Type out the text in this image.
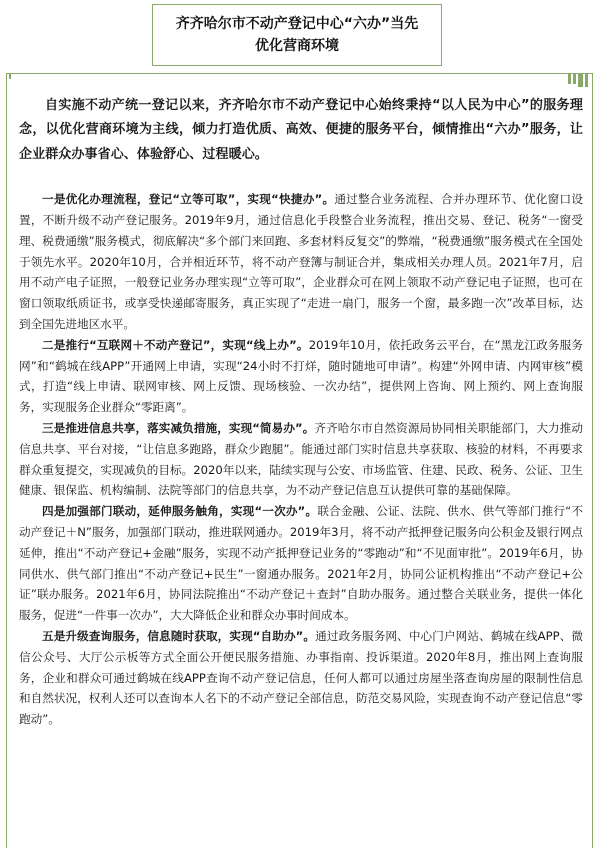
齐齐哈尔市不动产登记中心“六办”当先
优化营商环境

自实施不动产统一登记以来，齐齐哈尔市不动产登记中心始终秉持“以人民为中心”的服务理念，以优化营商环境为主线，倾力打造优质、高效、便捷的服务平台，倾情推出“六办”服务，让企业群众办事省心、体验舒心、过程暖心。

一是优化办理流程，登记“立等可取”，实现“快捷办”。通过整合业务流程、合并办理环节、优化窗口设置，不断升级不动产登记服务。2019年9月，通过信息化手段整合业务流程，推出交易、登记、税务“一窗受理、税费通缴”服务模式，彻底解决“多个部门来回跑、多套材料反复交”的弊端，“税费通缴”服务模式在全国处于领先水平。2020年10月，合并相近环节，将不动产登簿与制证合并，集成相关办理人员。2021年7月，启用不动产电子证照，一般登记业务办理实现“立等可取”，企业群众可在网上领取不动产登记电子证照，也可在窗口领取纸质证书，或享受快递邮寄服务，真正实现了“走进一扇门，服务一个窗，最多跑一次”改革目标，达到全国先进地区水平。

二是推行“互联网＋不动产登记”，实现“线上办”。2019年10月，依托政务云平台，在“黑龙江政务服务网”和“鹤城在线APP”开通网上申请，实现“24小时不打烊，随时随地可申请”。构建“外网申请、内网审核”模式，打造“线上申请、联网审核、网上反馈、现场核验、一次办结”，提供网上咨询、网上预约、网上查询服务，实现服务企业群众“零距离”。

三是推进信息共享，落实减负措施，实现“简易办”。齐齐哈尔市自然资源局协同相关职能部门，大力推动信息共享、平台对接，“让信息多跑路，群众少跑腿”。能通过部门实时信息共享获取、核验的材料，不再要求群众重复提交，实现减负的目标。2020年以来，陆续实现与公安、市场监管、住建、民政、税务、公证、卫生健康、银保监、机构编制、法院等部门的信息共享，为不动产登记信息互认提供可靠的基础保障。

四是加强部门联动，延伸服务触角，实现“一次办”。联合金融、公证、法院、供水、供气等部门推行“不动产登记＋N”服务，加强部门联动，推进联网通办。2019年3月，将不动产抵押登记服务向公积金及银行网点延伸，推出“不动产登记+金融”服务，实现不动产抵押登记业务的“零跑动”和“不见面审批”。2019年6月，协同供水、供气部门推出“不动产登记+民生”一窗通办服务。2021年2月，协同公证机构推出“不动产登记+公证”联办服务。2021年6月，协同法院推出“不动产登记＋查封”自助办服务。通过整合关联业务，提供一体化服务，促进“一件事一次办”，大大降低企业和群众办事时间成本。

五是升级查询服务，信息随时获取，实现“自助办”。通过政务服务网、中心门户网站、鹤城在线APP、微信公众号、大厅公示板等方式全面公开便民服务措施、办事指南、投诉渠道。2020年8月，推出网上查询服务，企业和群众可通过鹤城在线APP查询不动产登记信息，任何人都可以通过房屋坐落查询房屋的限制性信息和自然状况，权利人还可以查询本人名下的不动产登记全部信息，防范交易风险，实现查询不动产登记信息“零跑动”。
